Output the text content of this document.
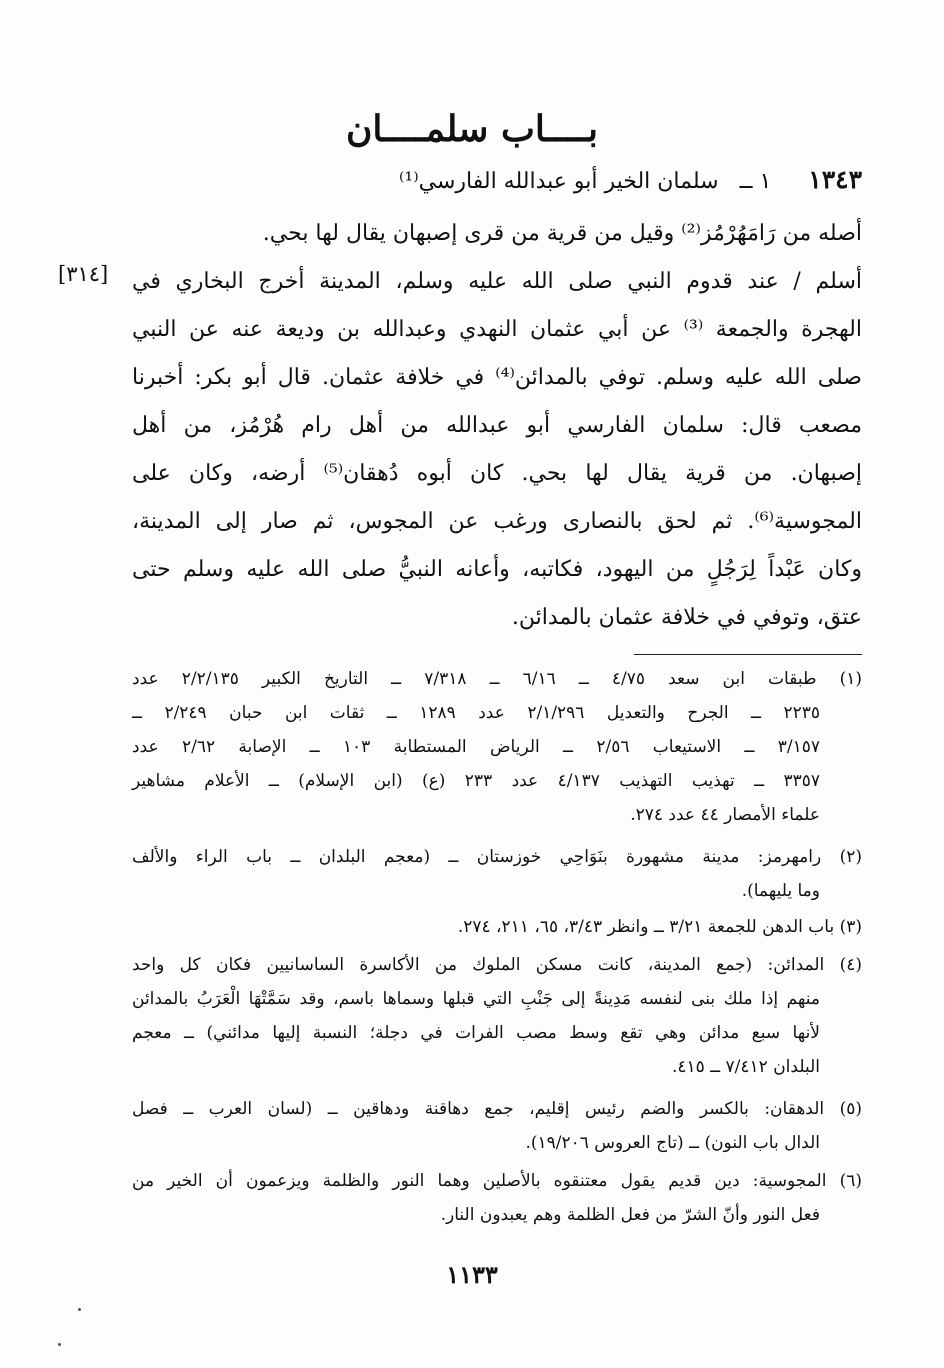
بــــاب سلمــــان
١٣٤٣ ١ ــ سلمان الخير أبو عبدالله الفارسي⁽¹⁾
[٣١٤]
أصله من رَامَهُرْمُز⁽²⁾ وقيل من قرية من قرى إصبهان يقال لها بحي.
أسلم / عند قدوم النبي صلى الله عليه وسلم، المدينة أخرج البخاري في
الهجرة والجمعة ⁽³⁾ عن أبي عثمان النهدي وعبدالله بن وديعة عنه عن النبي
صلى الله عليه وسلم. توفي بالمدائن⁽⁴⁾ في خلافة عثمان. قال أبو بكر: أخبرنا
مصعب قال: سلمان الفارسي أبو عبدالله من أهل رام هُرْمُز، من أهل
إصبهان. من قرية يقال لها بحي. كان أبوه دُهقان⁽⁵⁾ أرضه، وكان على
المجوسية⁽⁶⁾. ثم لحق بالنصارى ورغب عن المجوس، ثم صار إلى المدينة،
وكان عَبْداً لِرَجُلٍ من اليهود، فكاتبه، وأعانه النبيُّ صلى الله عليه وسلم حتى
عتق، وتوفي في خلافة عثمان بالمدائن.
(١) طبقات ابن سعد ٤/٧٥ ــ ٦/١٦ ــ ٧/٣١٨ ــ التاريخ الكبير ٢/٢/١٣٥ عدد
٢٢٣٥ ــ الجرح والتعديل ٢/١/٢٩٦ عدد ١٢٨٩ ــ ثقات ابن حبان ٢/٢٤٩ ــ
٣/١٥٧ ــ الاستيعاب ٢/٥٦ ــ الرياض المستطابة ١٠٣ ــ الإصابة ٢/٦٢ عدد
٣٣٥٧ ــ تهذيب التهذيب ٤/١٣٧ عدد ٢٣٣ (ع) (ابن الإسلام) ــ الأعلام مشاهير
علماء الأمصار ٤٤ عدد ٢٧٤.
(٢) رامهرمز: مدينة مشهورة بنَوَاحِي خوزستان ــ (معجم البلدان ــ باب الراء والألف
وما يليهما).
(٣) باب الدهن للجمعة ٣/٢١ ــ وانظر ٣/٤٣، ٦٥، ٢١١، ٢٧٤.
(٤) المدائن: (جمع المدينة، كانت مسكن الملوك من الأكاسرة الساسانيين فكان كل واحد
منهم إذا ملك بنى لنفسه مَدِينةً إلى جَنْبِ التي قبلها وسماها باسم، وقد سَمَّتْهَا الْعَرَبُ بالمدائن
لأنها سبع مدائن وهي تقع وسط مصب الفرات في دجلة؛ النسبة إليها مدائني) ــ معجم
البلدان ٧/٤١٢ ــ ٤١٥.
(٥) الدهقان: بالكسر والضم رئيس إقليم، جمع دهاقنة ودهاقين ــ (لسان العرب ــ فصل
الدال باب النون) ــ (تاج العروس ١٩/٢٠٦).
(٦) المجوسية: دين قديم يقول معتنقوه بالأصلين وهما النور والظلمة ويزعمون أن الخير من
فعل النور وأنّ الشرّ من فعل الظلمة وهم يعبدون النار.
١١٣٣
